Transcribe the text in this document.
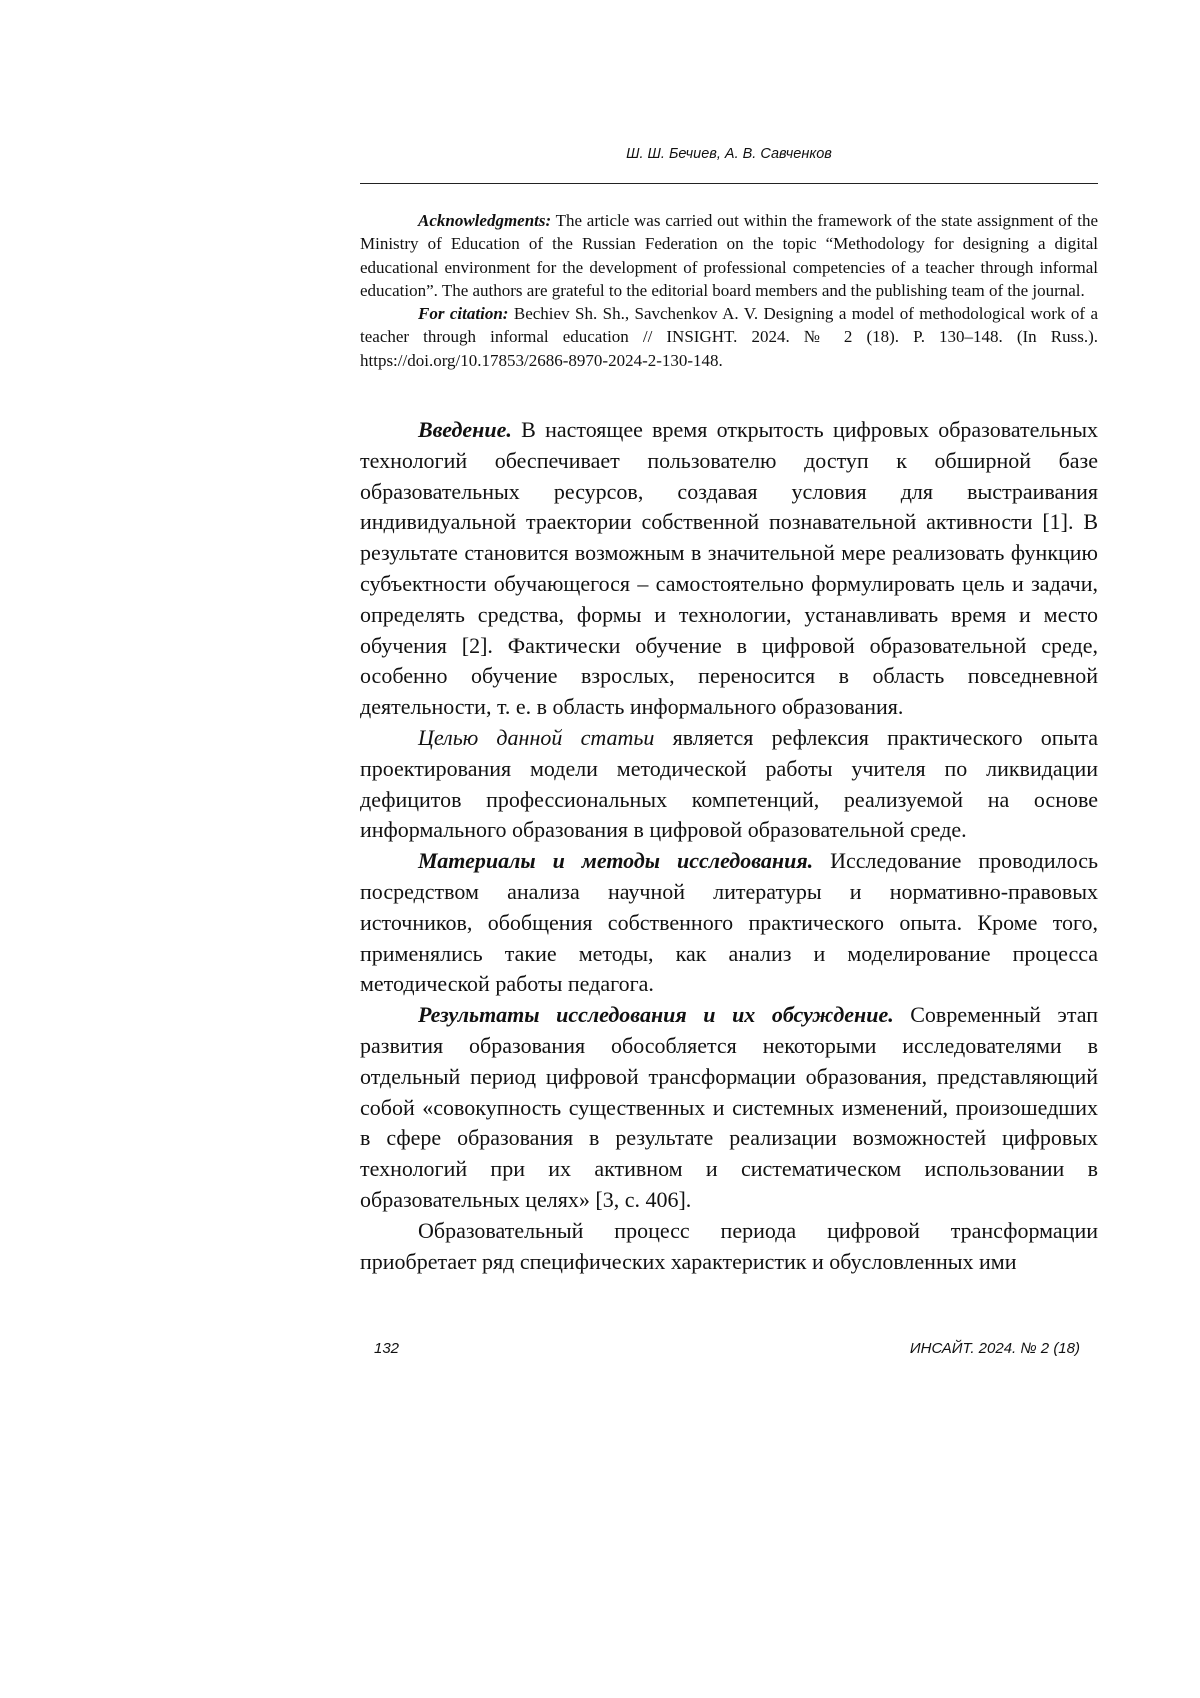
Ш. Ш. Бечиев, А. В. Савченков

Acknowledgments: The article was carried out within the framework of the state assignment of the Ministry of Education of the Russian Federation on the topic “Methodology for designing a digital educational environment for the development of professional competencies of a teacher through informal education”. The authors are grateful to the editorial board members and the publishing team of the journal.

For citation: Bechiev Sh. Sh., Savchenkov A. V. Designing a model of methodological work of a teacher through informal education // INSIGHT. 2024. № 2 (18). P. 130–148. (In Russ.). https://doi.org/10.17853/2686-8970-2024-2-130-148.

Введение. В настоящее время открытость цифровых образовательных технологий обеспечивает пользователю доступ к обширной базе образовательных ресурсов, создавая условия для выстраивания индивидуальной траектории собственной познавательной активности [1]. В результате становится возможным в значительной мере реализовать функцию субъектности обучающегося – самостоятельно формулировать цель и задачи, определять средства, формы и технологии, устанавливать время и место обучения [2]. Фактически обучение в цифровой образовательной среде, особенно обучение взрослых, переносится в область повседневной деятельности, т. е. в область информального образования.

Целью данной статьи является рефлексия практического опыта проектирования модели методической работы учителя по ликвидации дефицитов профессиональных компетенций, реализуемой на основе информального образования в цифровой образовательной среде.

Материалы и методы исследования. Исследование проводилось посредством анализа научной литературы и нормативно-правовых источников, обобщения собственного практического опыта. Кроме того, применялись такие методы, как анализ и моделирование процесса методической работы педагога.

Результаты исследования и их обсуждение. Современный этап развития образования обособляется некоторыми исследователями в отдельный период цифровой трансформации образования, представляющий собой «совокупность существенных и системных изменений, произошедших в сфере образования в результате реализации возможностей цифровых технологий при их активном и систематическом использовании в образовательных целях» [3, с. 406].

Образовательный процесс периода цифровой трансформации приобретает ряд специфических характеристик и обусловленных ими

132	ИНСАЙТ. 2024. № 2 (18)
